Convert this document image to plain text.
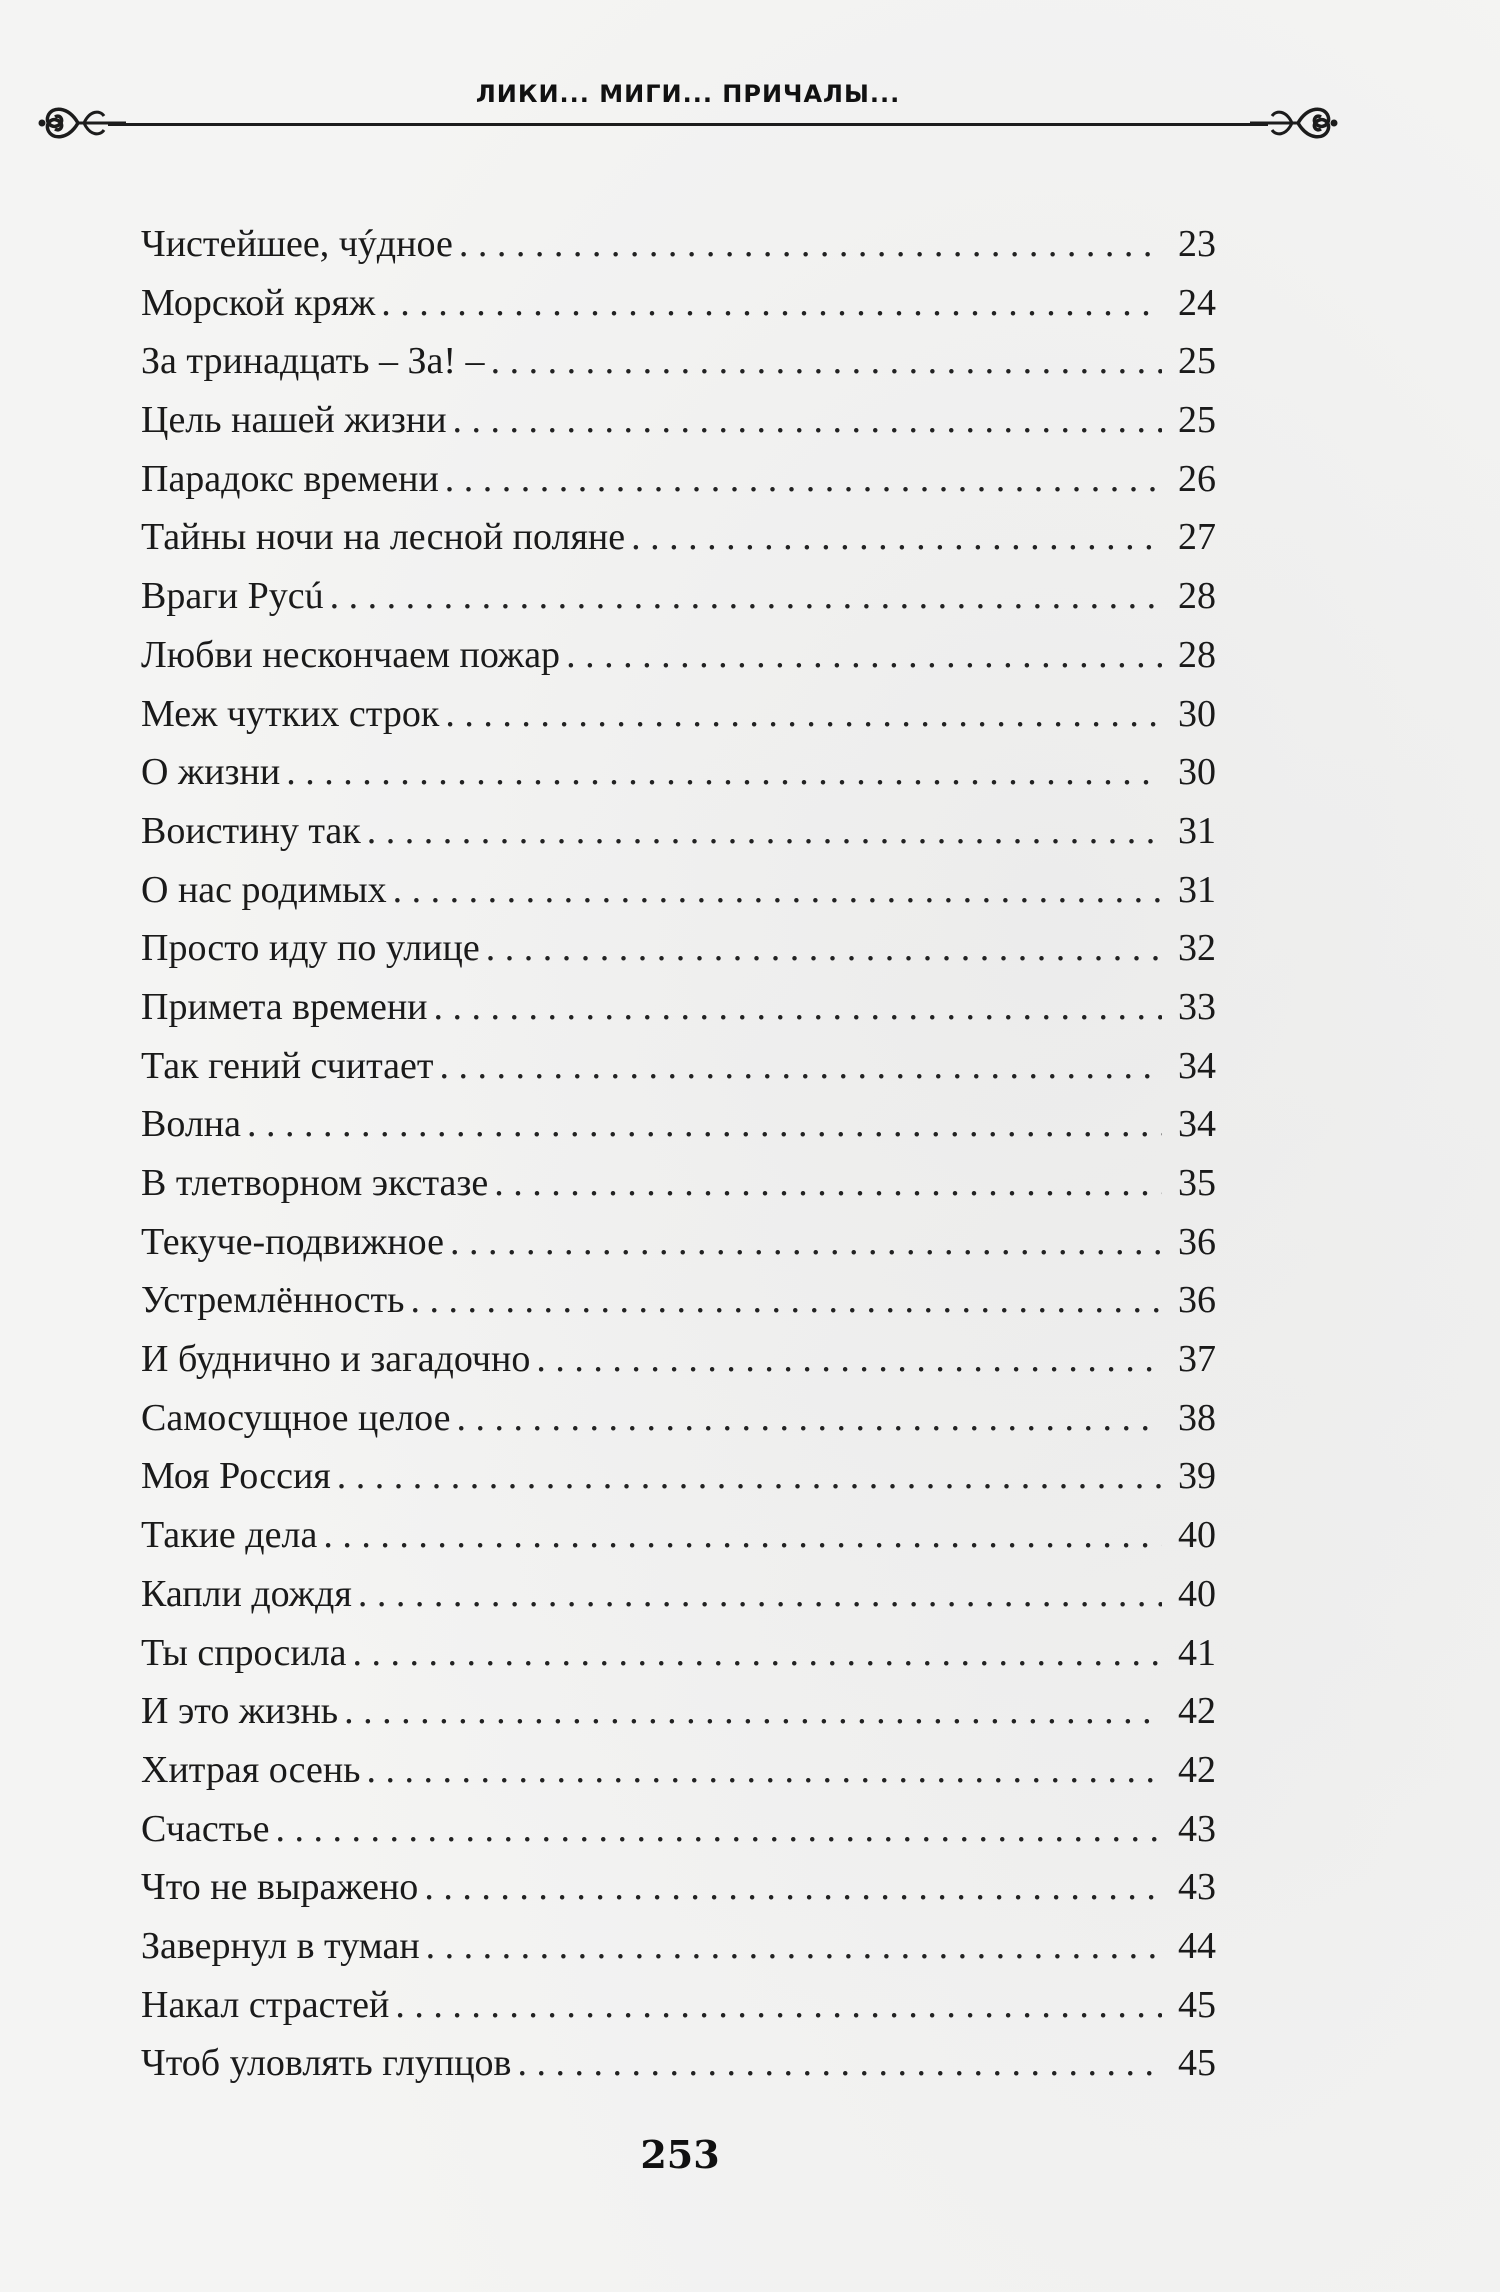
ЛИКИ... МИГИ... ПРИЧАЛЫ...
Чистейшее, чýдное . . .	23
Морской кряж . . .	24
За тринадцать – За! – . . .	25
Цель нашей жизни . . .	25
Парадокс времени . . .	26
Тайны ночи на лесной поляне . . .	27
Враги Русú . . .	28
Любви нескончаем пожар . . .	28
Меж чутких строк . . .	30
О жизни . . .	30
Воистину так . . .	31
О нас родимых . . .	31
Просто иду по улице . . .	32
Примета времени . . .	33
Так гений считает . . .	34
Волна . . .	34
В тлетворном экстазе . . .	35
Текуче-подвижное . . .	36
Устремлённость . . .	36
И буднично и загадочно . . .	37
Самосущное целое . . .	38
Моя Россия . . .	39
Такие дела . . .	40
Капли дождя . . .	40
Ты спросила . . .	41
И это жизнь . . .	42
Хитрая осень . . .	42
Счастье . . .	43
Что не выражено . . .	43
Завернул в туман . . .	44
Накал страстей . . .	45
Чтоб уловлять глупцов . . .	45
253
